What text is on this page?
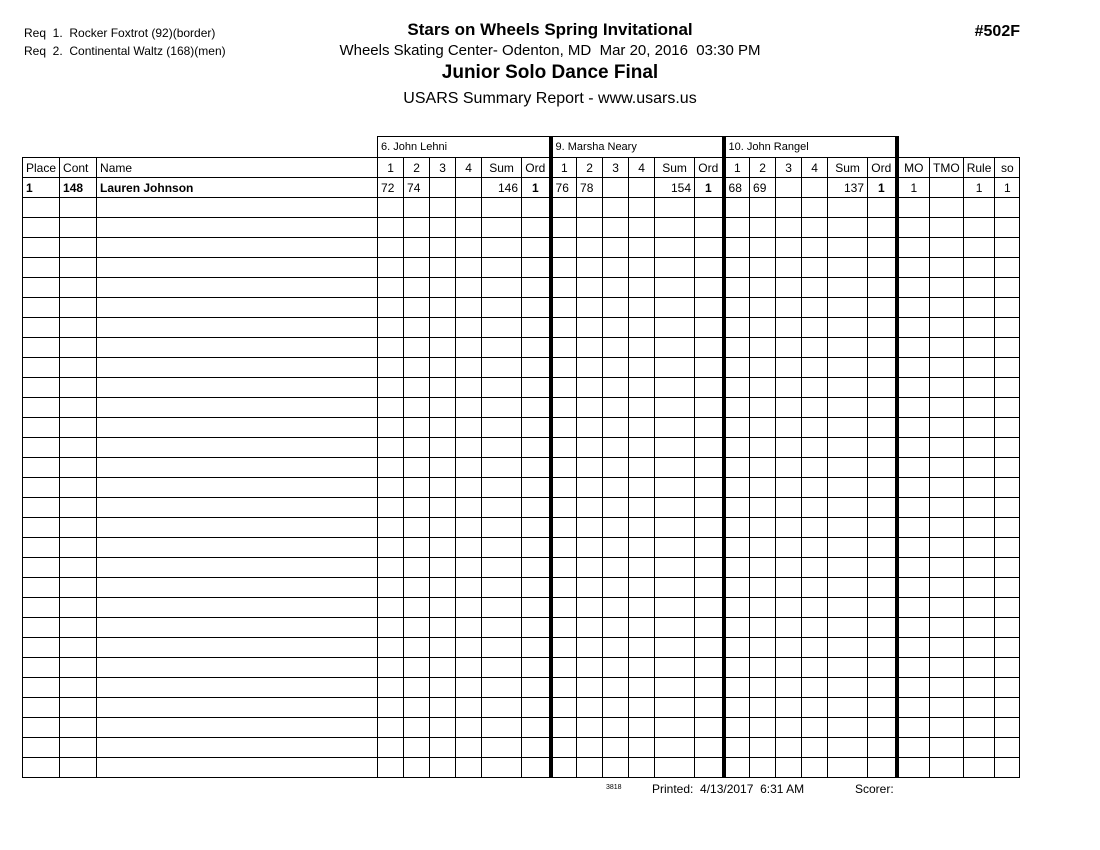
Req  1.  Rocker Foxtrot (92)(border)
Req  2.  Continental Waltz (168)(men)
Stars on Wheels Spring Invitational
Wheels Skating Center- Odenton, MD  Mar 20, 2016  03:30 PM
Junior Solo Dance Final
USARS Summary Report - www.usars.us
#502F
			6. John Lehni						9. Marsha Neary						10. John Rangel									
Place	Cont	Name	1	2	3	4	Sum	Ord	1	2	3	4	Sum	Ord	1	2	3	4	Sum	Ord	MO	TMO	Rule	so
1	148	Lauren Johnson	72	74			146	1	76	78			154	1	68	69			137	1	1		1	1

3818	Printed:  4/13/2017  6:31 AM	Scorer:
